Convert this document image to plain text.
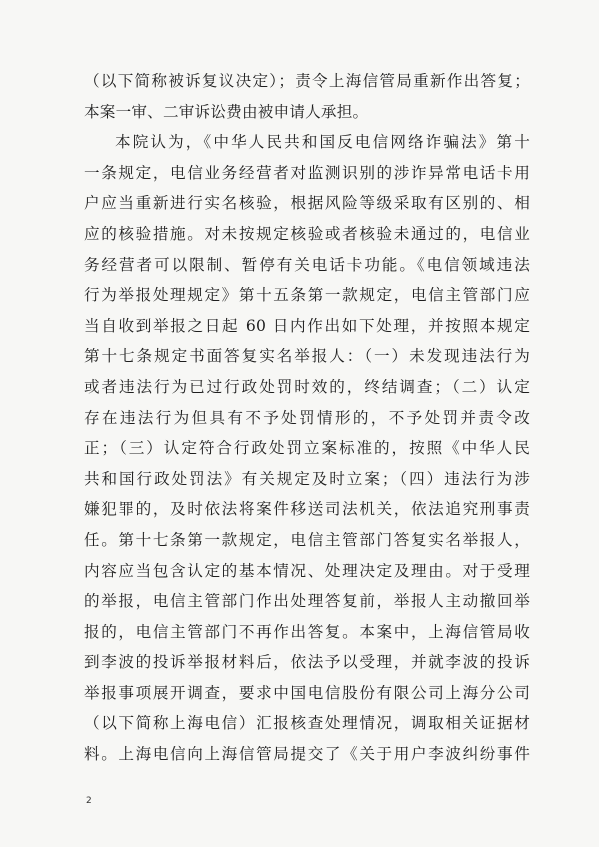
（以下简称被诉复议决定）；责令上海信管局重新作出答复；
本案一审、二审诉讼费由被申请人承担。
本院认为，《中华人民共和国反电信网络诈骗法》第十
一条规定，电信业务经营者对监测识别的涉诈异常电话卡用
户应当重新进行实名核验，根据风险等级采取有区别的、相
应的核验措施。对未按规定核验或者核验未通过的，电信业
务经营者可以限制、暂停有关电话卡功能。《电信领域违法
行为举报处理规定》第十五条第一款规定，电信主管部门应
当自收到举报之日起 60 日内作出如下处理，并按照本规定
第十七条规定书面答复实名举报人：（一）未发现违法行为
或者违法行为已过行政处罚时效的，终结调查；（二）认定
存在违法行为但具有不予处罚情形的，不予处罚并责令改
正；（三）认定符合行政处罚立案标准的，按照《中华人民
共和国行政处罚法》有关规定及时立案；（四）违法行为涉
嫌犯罪的，及时依法将案件移送司法机关，依法追究刑事责
任。第十七条第一款规定，电信主管部门答复实名举报人，
内容应当包含认定的基本情况、处理决定及理由。对于受理
的举报，电信主管部门作出处理答复前，举报人主动撤回举
报的，电信主管部门不再作出答复。本案中，上海信管局收
到李波的投诉举报材料后，依法予以受理，并就李波的投诉
举报事项展开调查，要求中国电信股份有限公司上海分公司
（以下简称上海电信）汇报核查处理情况，调取相关证据材
料。上海电信向上海信管局提交了《关于用户李波纠纷事件
2
